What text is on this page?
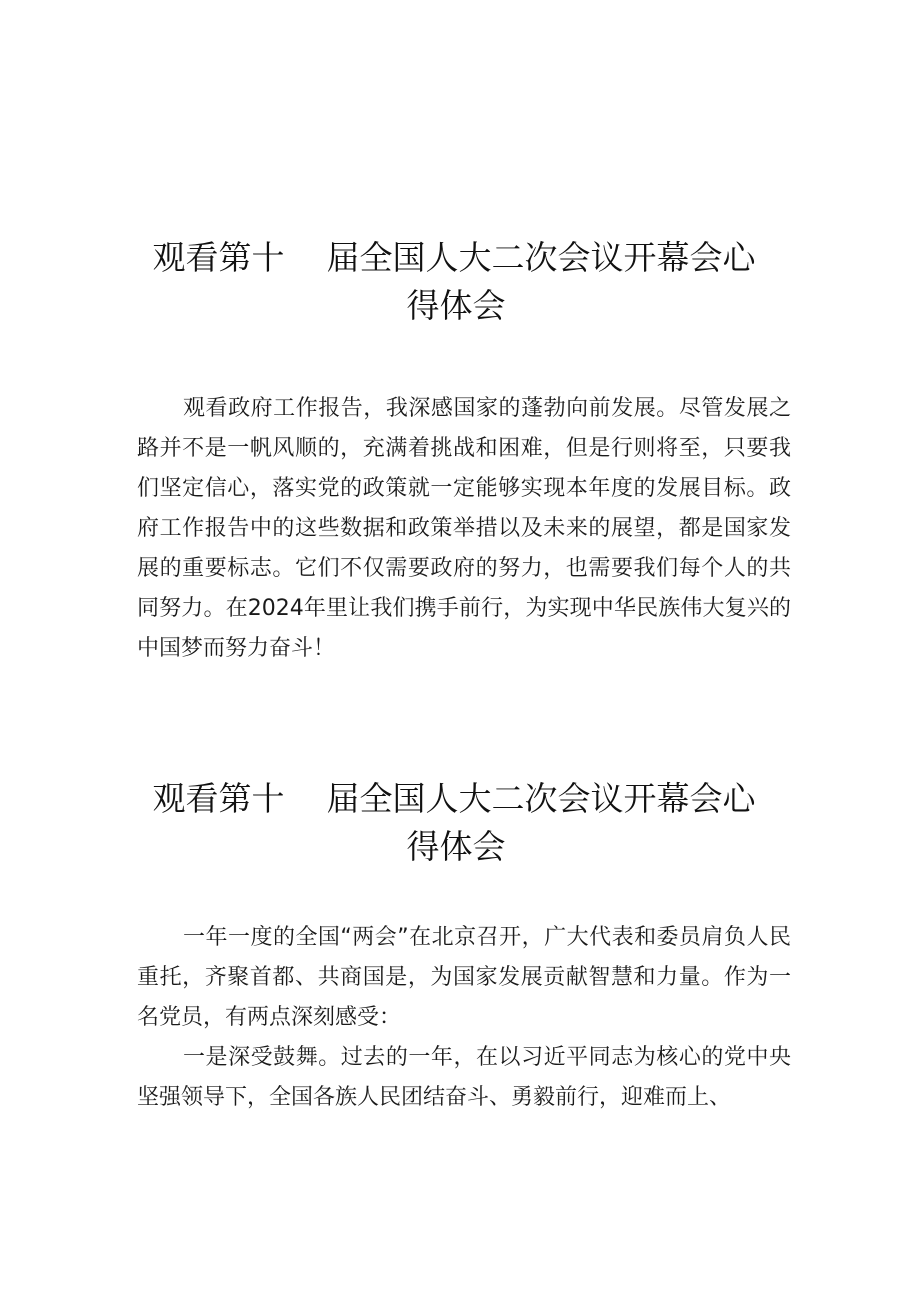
观看第十    届全国人大二次会议开幕会心
得体会
观看政府工作报告，我深感国家的蓬勃向前发展。尽管发展之路并不是一帆风顺的，充满着挑战和困难，但是行则将至，只要我们坚定信心，落实党的政策就一定能够实现本年度的发展目标。政府工作报告中的这些数据和政策举措以及未来的展望，都是国家发展的重要标志。它们不仅需要政府的努力，也需要我们每个人的共同努力。在2024年里让我们携手前行，为实现中华民族伟大复兴的中国梦而努力奋斗！
观看第十    届全国人大二次会议开幕会心
得体会
一年一度的全国“两会”在北京召开，广大代表和委员肩负人民重托，齐聚首都、共商国是，为国家发展贡献智慧和力量。作为一名党员，有两点深刻感受：
一是深受鼓舞。过去的一年，在以习近平同志为核心的党中央坚强领导下，全国各族人民团结奋斗、勇毅前行，迎难而上、
